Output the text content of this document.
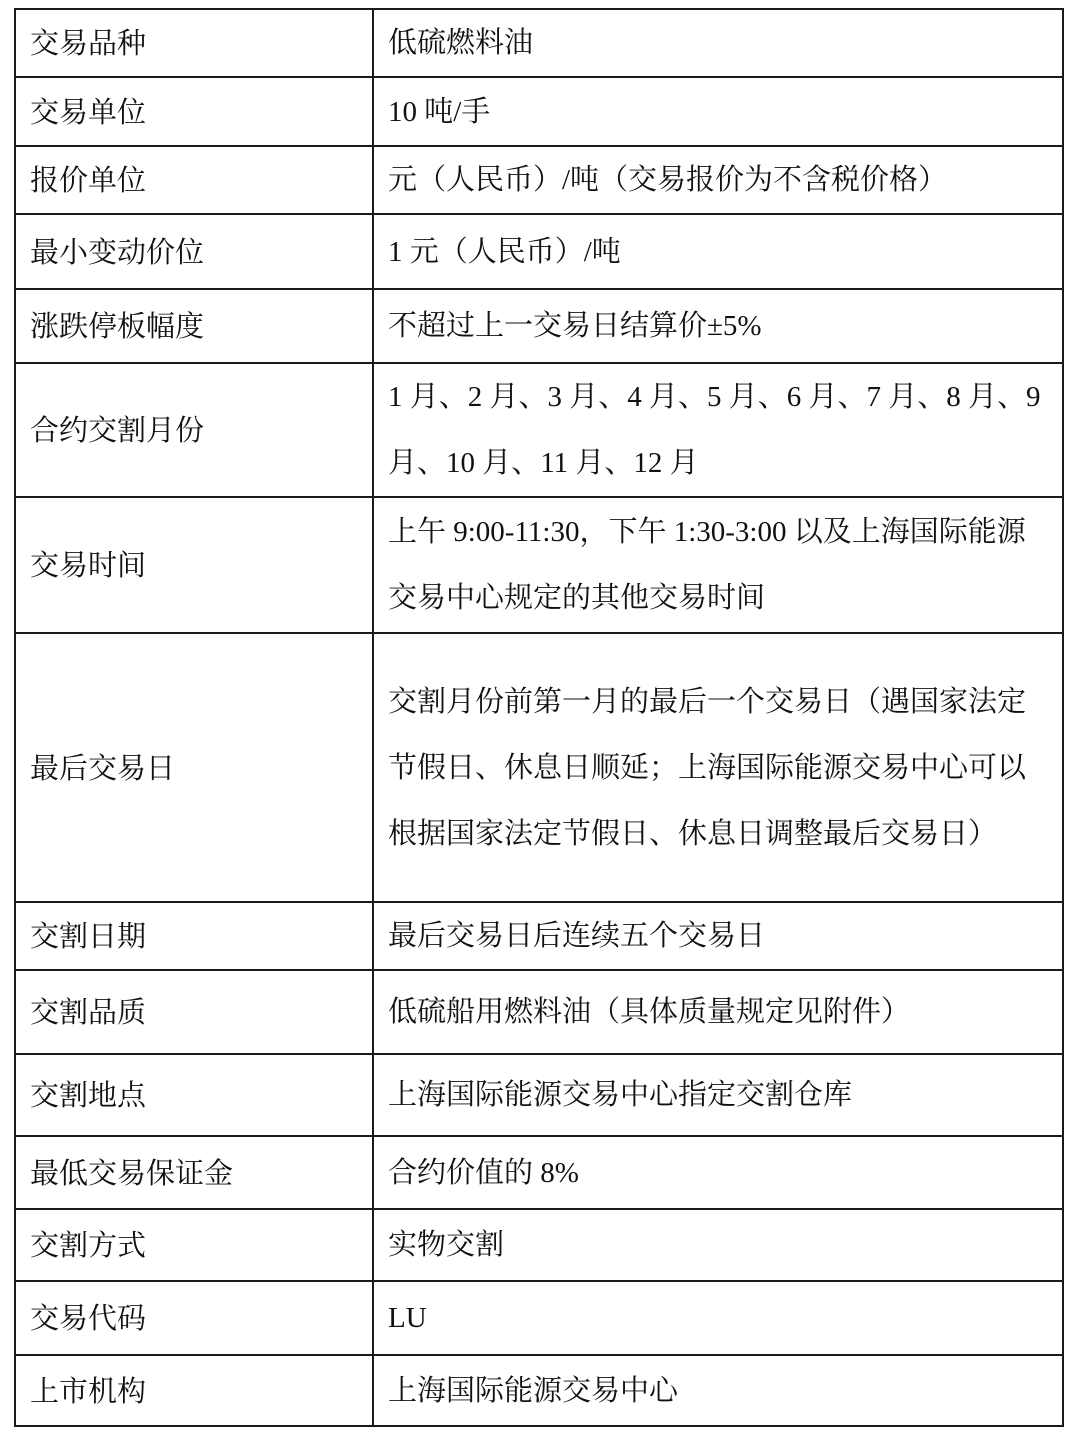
交易品种	低硫燃料油
交易单位	10 吨/手
报价单位	元（人民币）/吨（交易报价为不含税价格）
最小变动价位	1 元（人民币）/吨
涨跌停板幅度	不超过上一交易日结算价±5%
合约交割月份	1 月、2 月、3 月、4 月、5 月、6 月、7 月、8 月、9 月、10 月、11 月、12 月
交易时间	上午 9:00-11:30，下午 1:30-3:00 以及上海国际能源交易中心规定的其他交易时间
最后交易日	交割月份前第一月的最后一个交易日（遇国家法定节假日、休息日顺延；上海国际能源交易中心可以根据国家法定节假日、休息日调整最后交易日）
交割日期	最后交易日后连续五个交易日
交割品质	低硫船用燃料油（具体质量规定见附件）
交割地点	上海国际能源交易中心指定交割仓库
最低交易保证金	合约价值的 8%
交割方式	实物交割
交易代码	LU
上市机构	上海国际能源交易中心
